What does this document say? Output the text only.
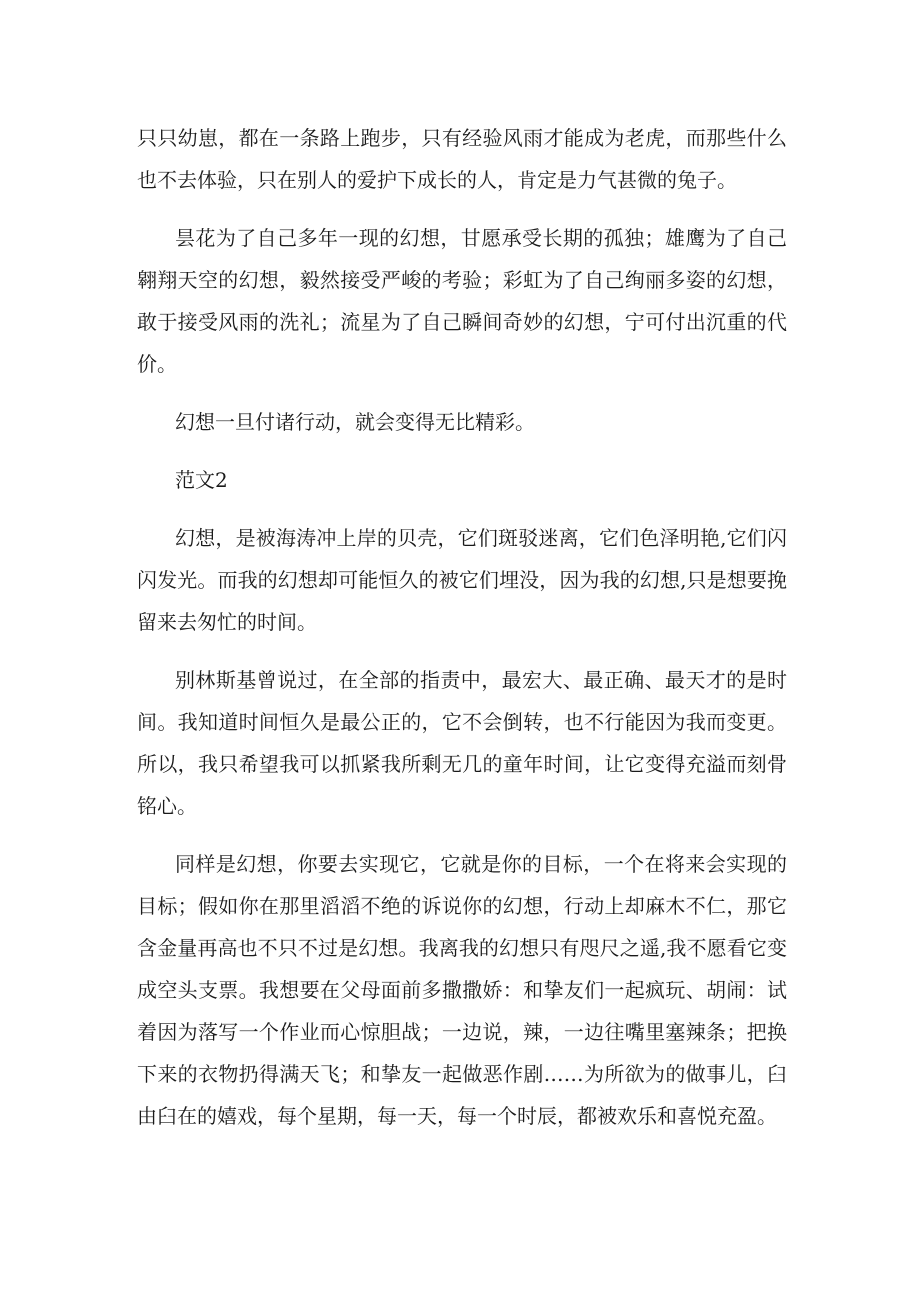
只只幼崽，都在一条路上跑步，只有经验风雨才能成为老虎，而那些什么
也不去体验，只在别人的爱护下成长的人，肯定是力气甚微的兔子。
昙花为了自己多年一现的幻想，甘愿承受长期的孤独；雄鹰为了自己
翱翔天空的幻想，毅然接受严峻的考验；彩虹为了自己绚丽多姿的幻想，
敢于接受风雨的洗礼；流星为了自己瞬间奇妙的幻想，宁可付出沉重的代
价。
幻想一旦付诸行动，就会变得无比精彩。
范文2
幻想，是被海涛冲上岸的贝壳，它们斑驳迷离，它们色泽明艳,它们闪
闪发光。而我的幻想却可能恒久的被它们埋没，因为我的幻想,只是想要挽
留来去匆忙的时间。
别林斯基曾说过，在全部的指责中，最宏大、最正确、最天才的是时
间。我知道时间恒久是最公正的，它不会倒转，也不行能因为我而变更。
所以，我只希望我可以抓紧我所剩无几的童年时间，让它变得充溢而刻骨
铭心。
同样是幻想，你要去实现它，它就是你的目标，一个在将来会实现的
目标；假如你在那里滔滔不绝的诉说你的幻想，行动上却麻木不仁，那它
含金量再高也不只不过是幻想。我离我的幻想只有咫尺之遥,我不愿看它变
成空头支票。我想要在父母面前多撒撒娇：和挚友们一起疯玩、胡闹：试
着因为落写一个作业而心惊胆战；一边说，辣，一边往嘴里塞辣条；把换
下来的衣物扔得满天飞；和挚友一起做恶作剧……为所欲为的做事儿，臼
由臼在的嬉戏，每个星期，每一天，每一个时辰，都被欢乐和喜悦充盈。
